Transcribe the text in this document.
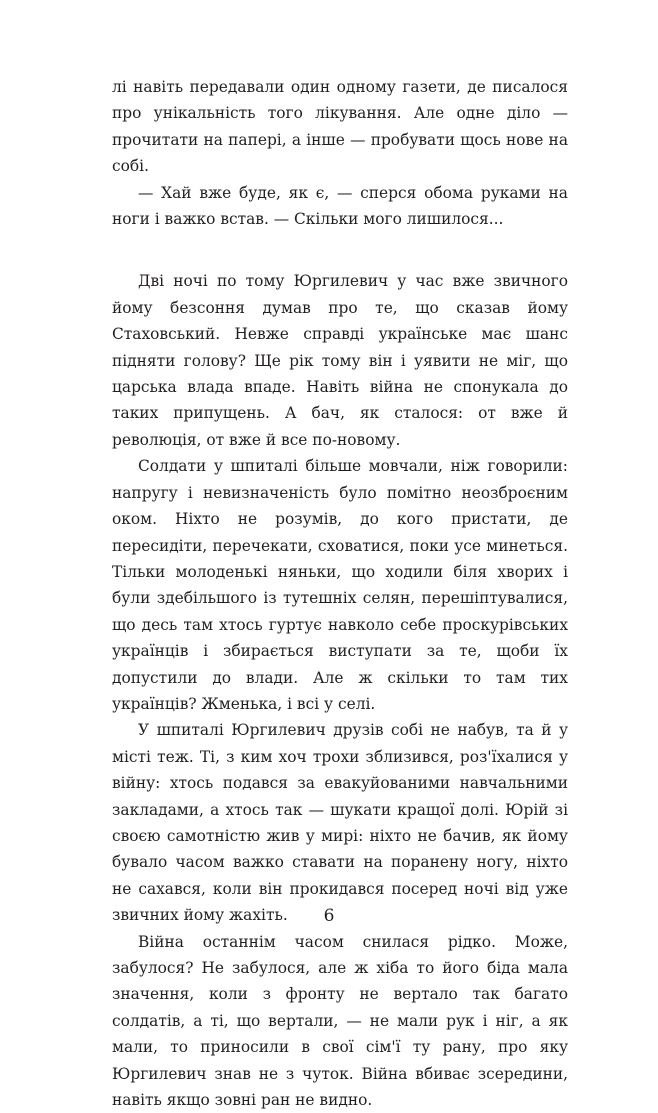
лі навіть передавали один одному газети, де писалося про унікальність того лікування. Але одне діло — прочитати на папері, а інше — пробувати щось нове на собі.

— Хай вже буде, як є, — сперся обома руками на ноги і важко встав. — Скільки мого лишилося...

Дві ночі по тому Юргилевич у час вже звичного йому безсоння думав про те, що сказав йому Стаховський. Невже справді українське має шанс підняти голову? Ще рік тому він і уявити не міг, що царська влада впаде. Навіть війна не спонукала до таких припущень. А бач, як сталося: от вже й революція, от вже й все по-новому.

Солдати у шпиталі більше мовчали, ніж говорили: напругу і невизначеність було помітно неозброєним оком. Ніхто не розумів, до кого пристати, де пересидіти, перечекати, сховатися, поки усе минеться. Тільки молоденькі няньки, що ходили біля хворих і були здебільшого із тутешніх селян, перешіптувалися, що десь там хтось гуртує навколо себе проскурівських українців і збирається виступати за те, щоби їх допустили до влади. Але ж скільки то там тих українців? Жменька, і всі у селі.

У шпиталі Юргилевич друзів собі не набув, та й у місті теж. Ті, з ким хоч трохи зблизився, роз'їхалися у війну: хтось подався за евакуйованими навчальними закладами, а хтось так — шукати кращої долі. Юрій зі своєю самотністю жив у мирі: ніхто не бачив, як йому бувало часом важко ставати на поранену ногу, ніхто не сахався, коли він прокидався посеред ночі від уже звичних йому жахіть.

Війна останнім часом снилася рідко. Може, забулося? Не забулося, але ж хіба то його біда мала значення, коли з фронту не вертало так багато солдатів, а ті, що вертали, — не мали рук і ніг, а як мали, то приносили в свої сім'ї ту рану, про яку Юргилевич знав не з чуток. Війна вбиває зсередини, навіть якщо зовні ран не видно.

6
